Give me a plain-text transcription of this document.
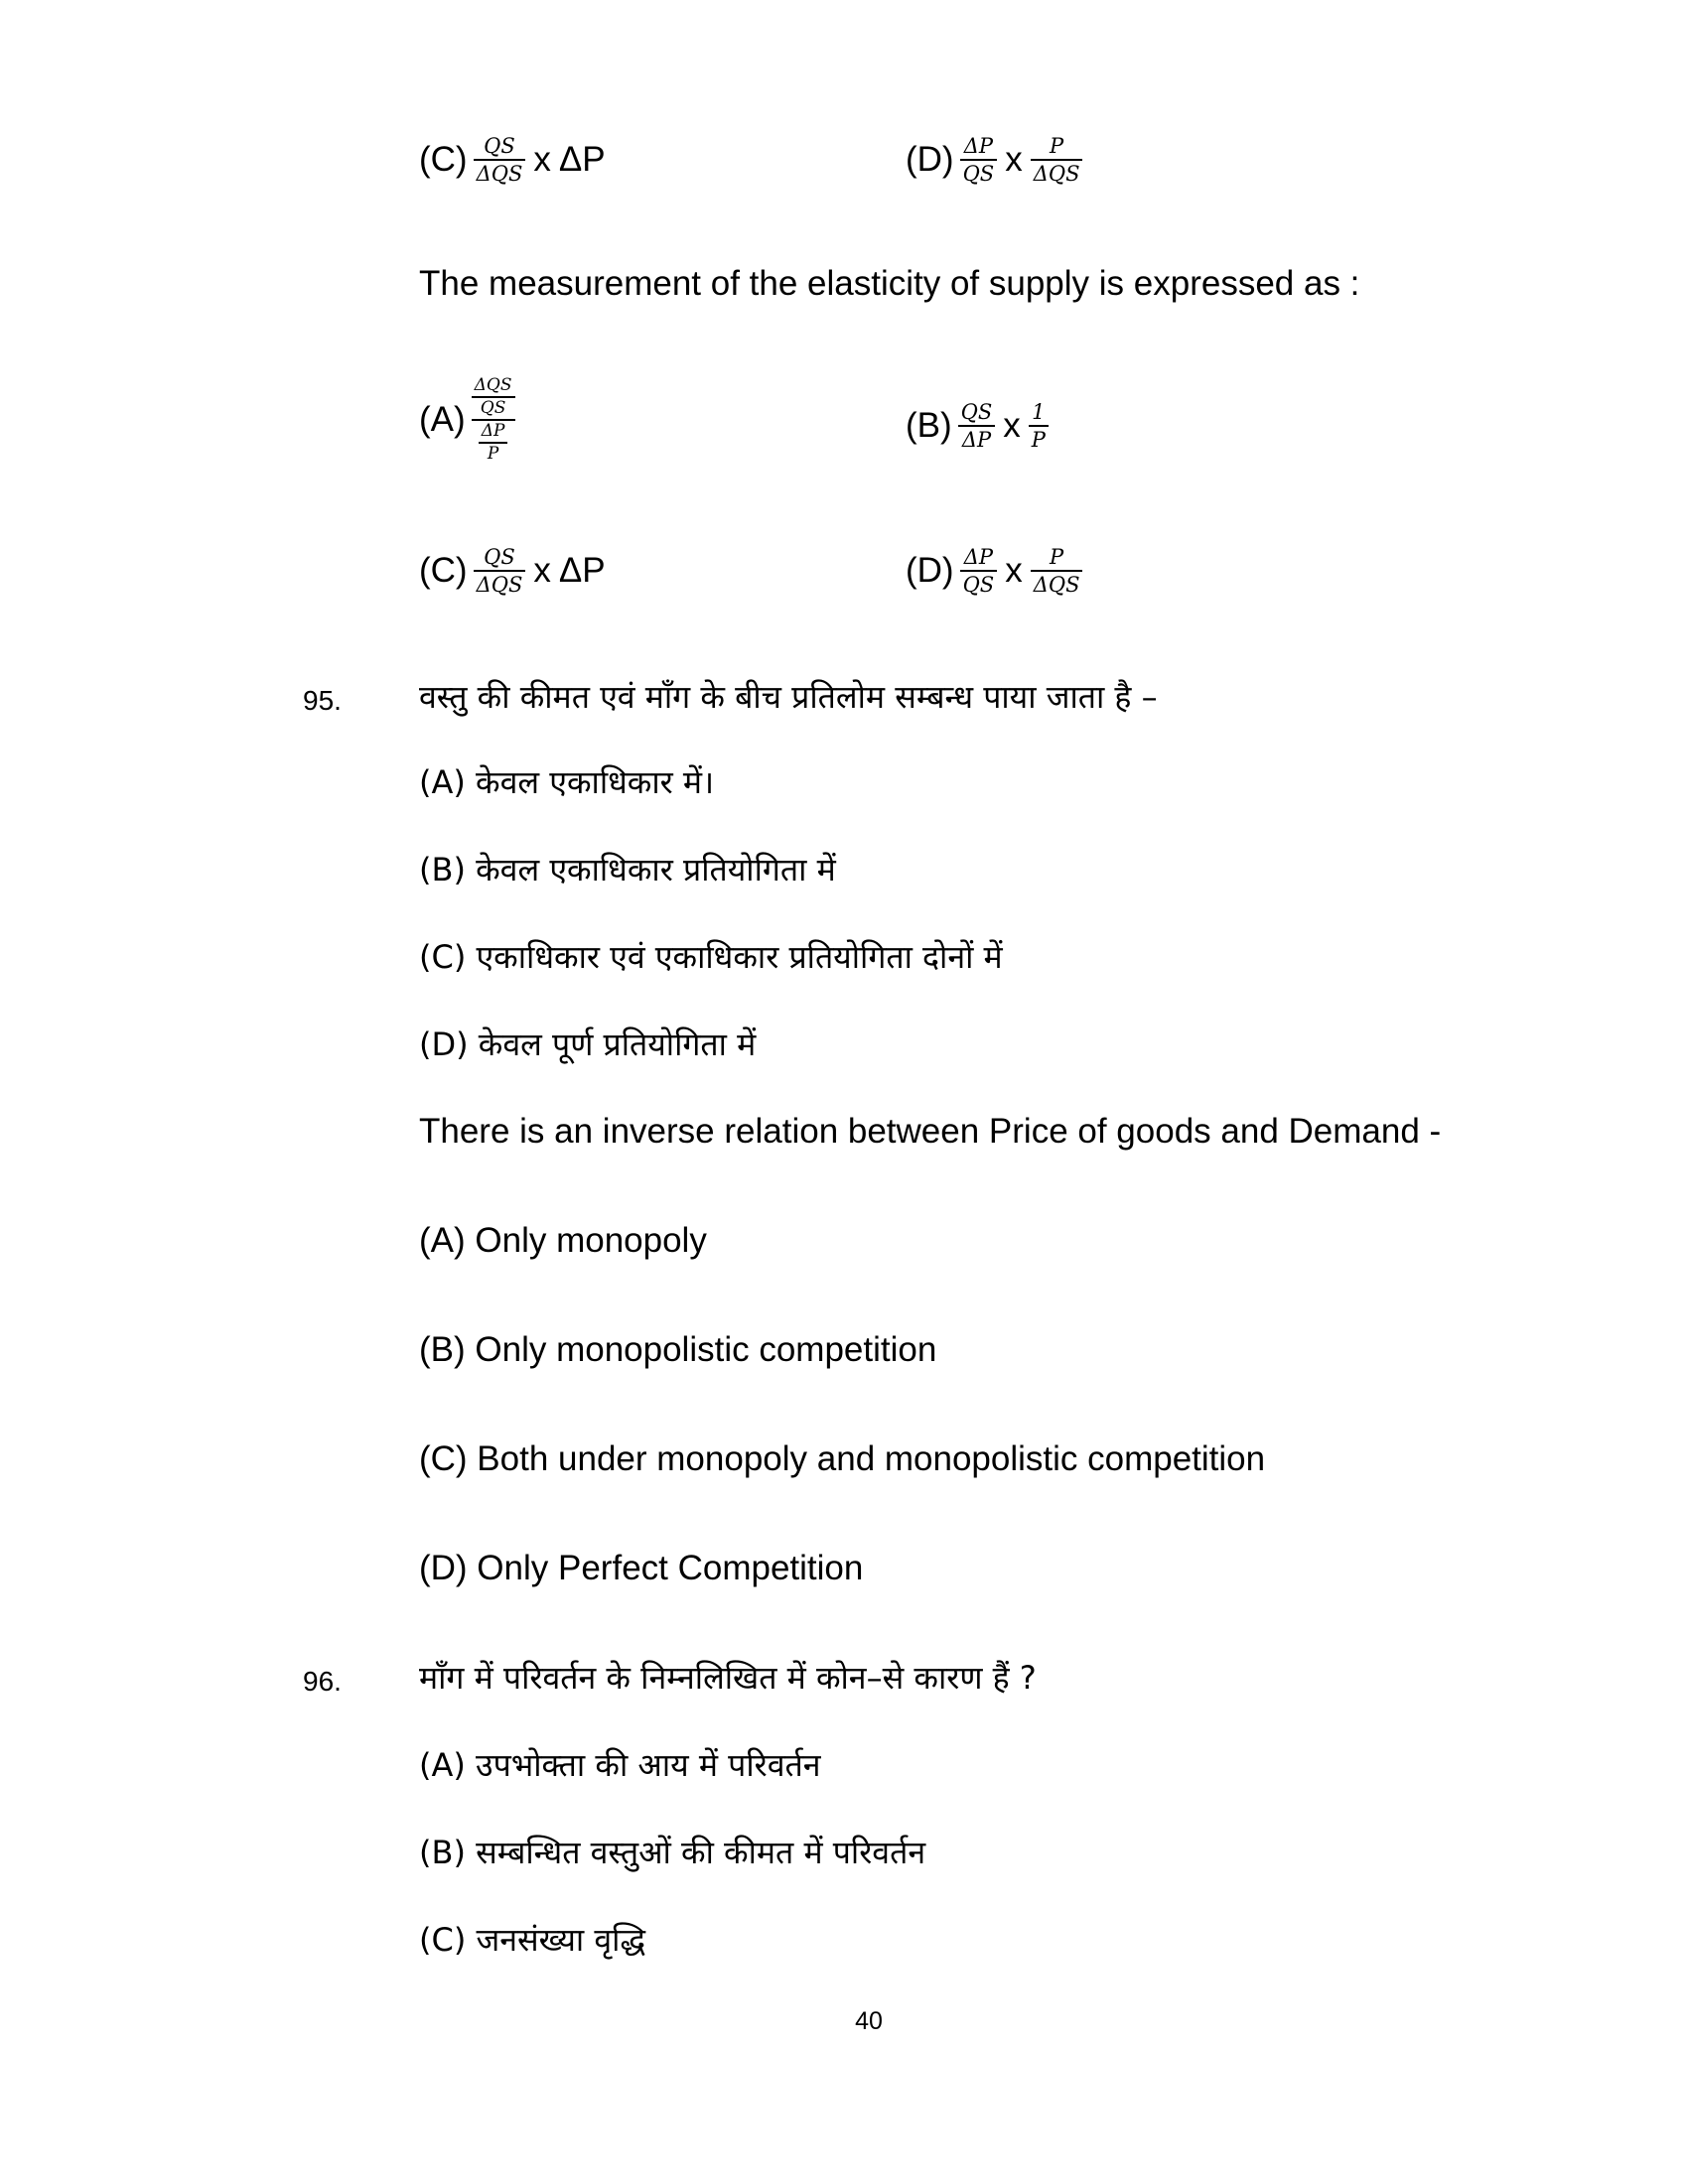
$(C) \frac{QS}{\text{ΔQS}}$ x ΔP	$(D) \frac{\Delta P}{QS}$ x $\frac{P}{\text{ΔQS}}$
The measurement of the elasticity of supply is expressed as :
$(A) \frac{\frac{\text{ΔQS}}{QS}}{\frac{\Delta P}{P}}$	$(B) \frac{QS}{\Delta P}$ x $\frac{1}{P}$
$(C) \frac{QS}{\text{ΔQS}}$ x ΔP	$(D) \frac{\Delta P}{QS}$ x $\frac{P}{\text{ΔQS}}$
95. वस्तु की कीमत एवं माँग के बीच प्रतिलोम सम्बन्ध पाया जाता है –
(A) केवल एकाधिकार में।
(B) केवल एकाधिकार प्रतियोगिता में
(C) एकाधिकार एवं एकाधिकार प्रतियोगिता दोनों में
(D) केवल पूर्ण प्रतियोगिता में
There is an inverse relation between Price of goods and Demand -
(A) Only monopoly
(B) Only monopolistic competition
(C) Both under monopoly and monopolistic competition
(D) Only Perfect Competition
96. माँग में परिवर्तन के निम्नलिखित में कोन–से कारण हैं ?
(A) उपभोक्ता की आय में परिवर्तन
(B) सम्बन्धित वस्तुओं की कीमत में परिवर्तन
(C) जनसंख्या वृद्धि
40
